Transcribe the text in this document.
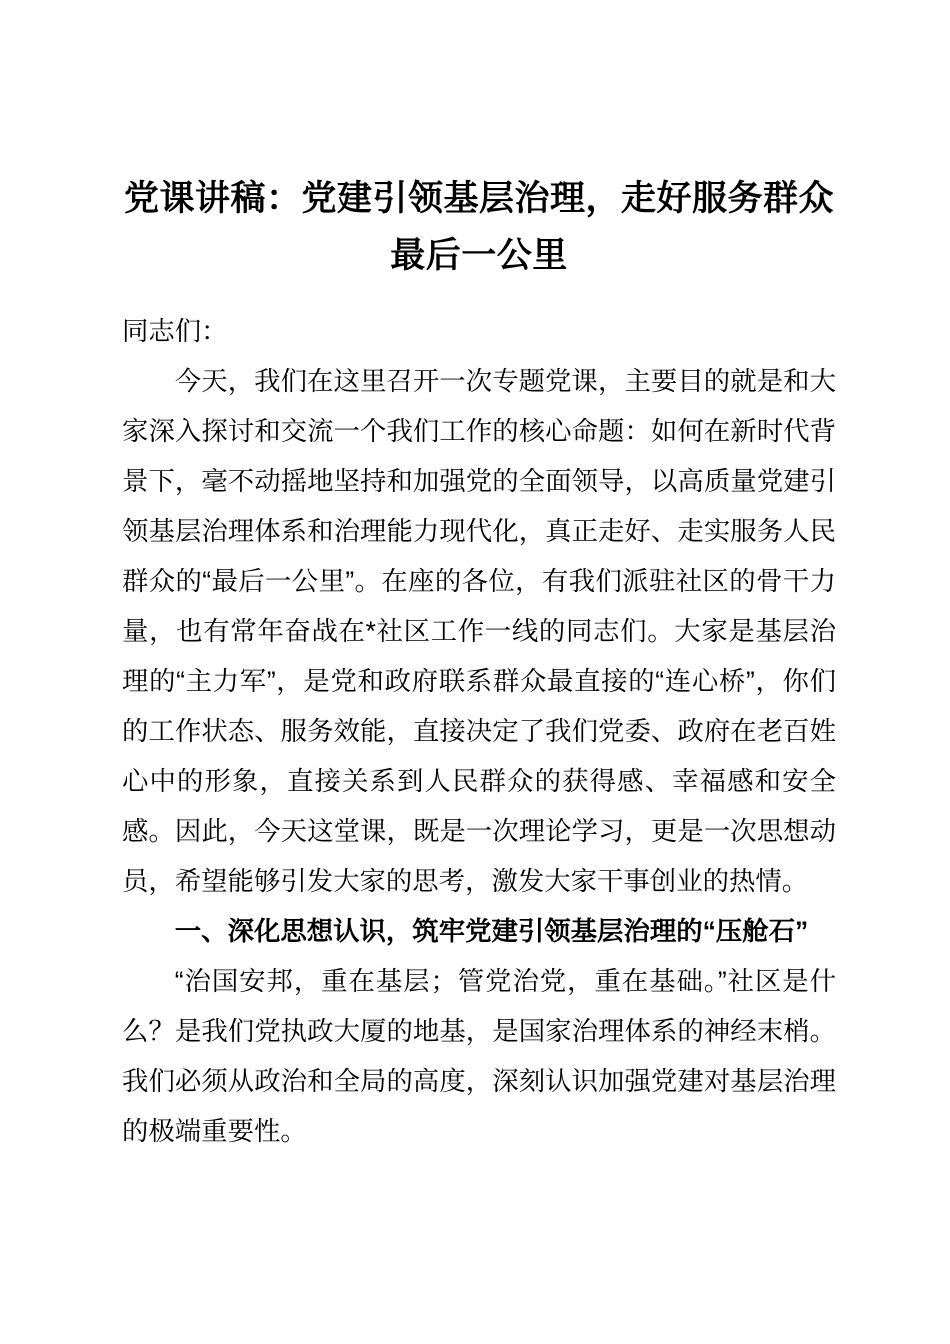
党课讲稿：党建引领基层治理，走好服务群众最后一公里

同志们：

今天，我们在这里召开一次专题党课，主要目的就是和大家深入探讨和交流一个我们工作的核心命题：如何在新时代背景下，毫不动摇地坚持和加强党的全面领导，以高质量党建引领基层治理体系和治理能力现代化，真正走好、走实服务人民群众的“最后一公里”。在座的各位，有我们派驻社区的骨干力量，也有常年奋战在*社区工作一线的同志们。大家是基层治理的“主力军”，是党和政府联系群众最直接的“连心桥”，你们的工作状态、服务效能，直接决定了我们党委、政府在老百姓心中的形象，直接关系到人民群众的获得感、幸福感和安全感。因此，今天这堂课，既是一次理论学习，更是一次思想动员，希望能够引发大家的思考，激发大家干事创业的热情。

一、深化思想认识，筑牢党建引领基层治理的“压舱石”

“治国安邦，重在基层；管党治党，重在基础。”社区是什么？是我们党执政大厦的地基，是国家治理体系的神经末梢。我们必须从政治和全局的高度，深刻认识加强党建对基层治理的极端重要性。
